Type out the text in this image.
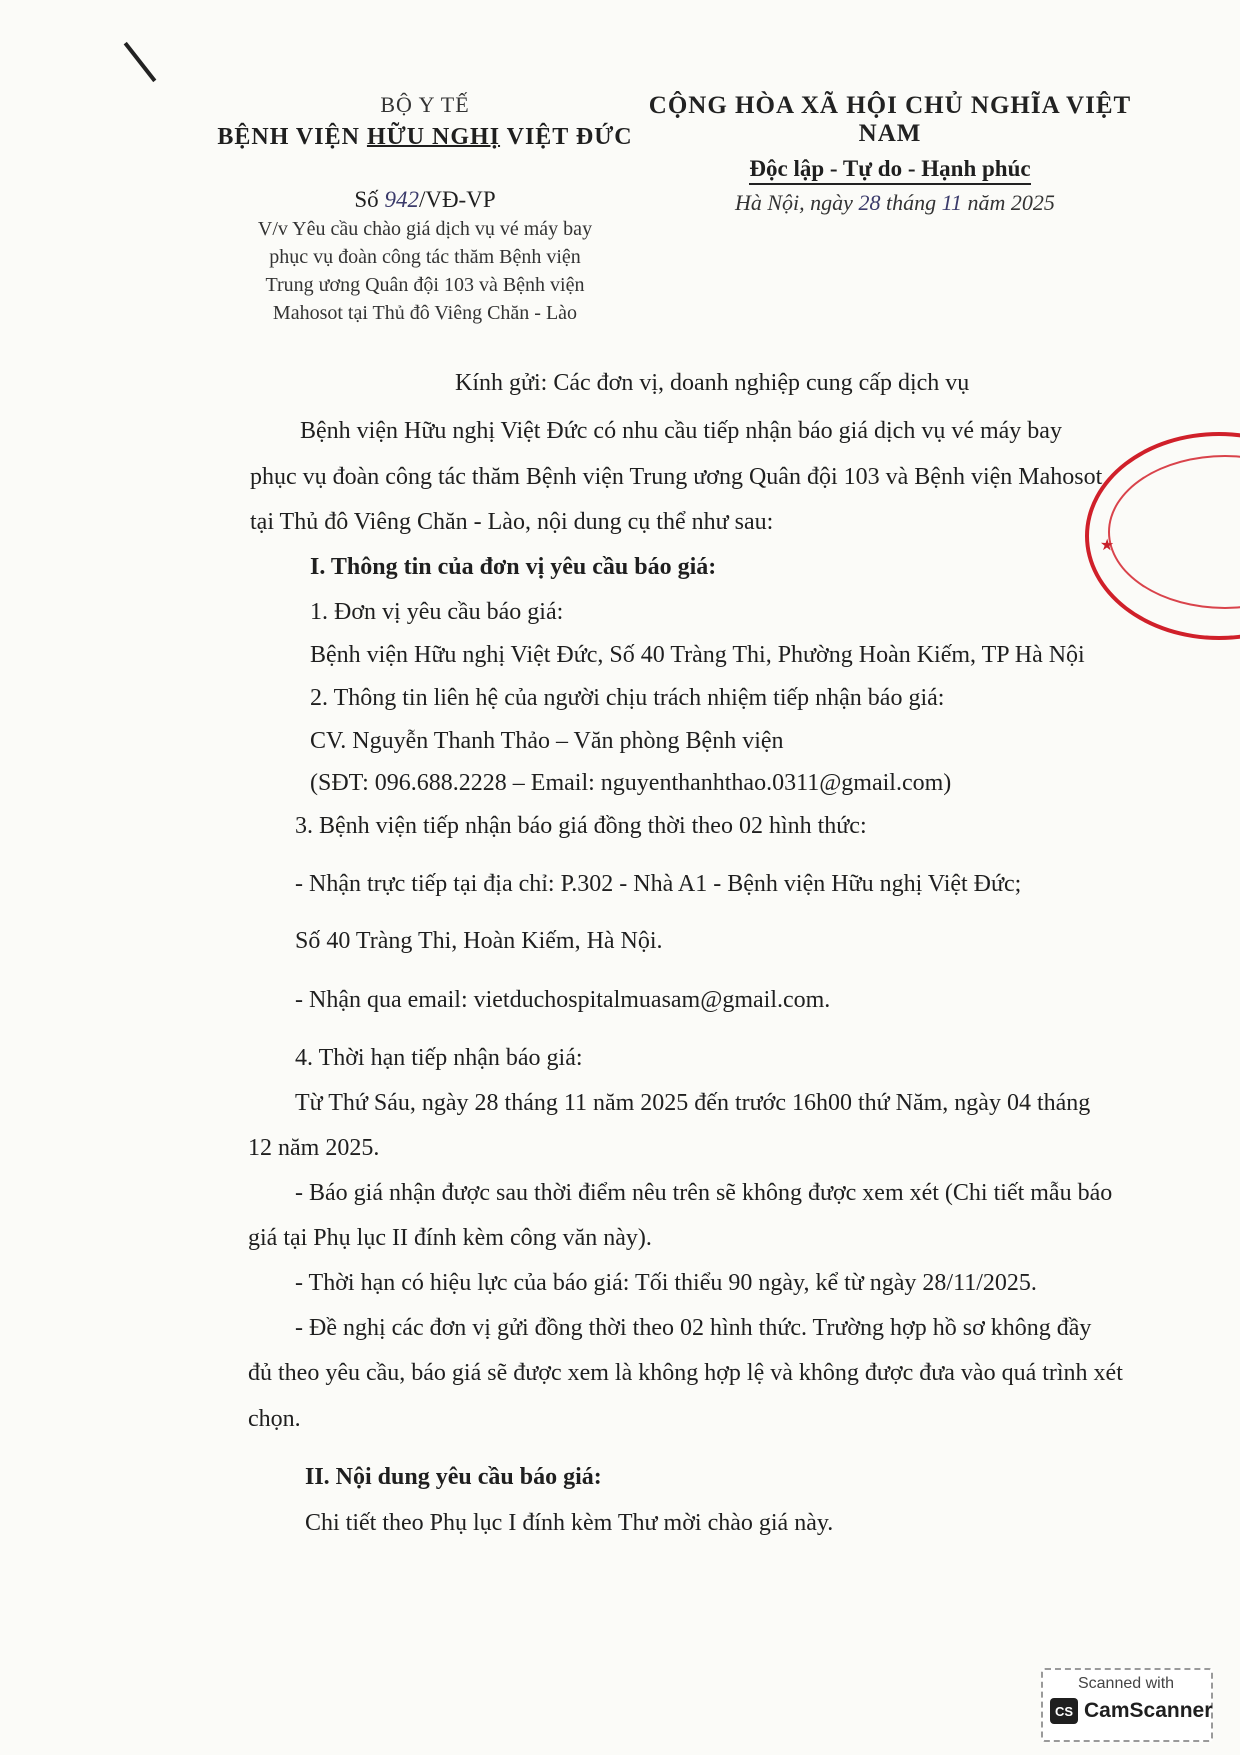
BỘ Y TẾ
BỆNH VIỆN HỮU NGHỊ VIỆT ĐỨC
CỘNG HÒA XÃ HỘI CHỦ NGHĨA VIỆT NAM
Độc lập - Tự do - Hạnh phúc
Số 942/VĐ-VP
V/v Yêu cầu chào giá dịch vụ vé máy bay
phục vụ đoàn công tác thăm Bệnh viện
Trung ương Quân đội 103 và Bệnh viện
Mahosot tại Thủ đô Viêng Chăn - Lào
Hà Nội, ngày 28 tháng 11 năm 2025
Kính gửi: Các đơn vị, doanh nghiệp cung cấp dịch vụ
Bệnh viện Hữu nghị Việt Đức có nhu cầu tiếp nhận báo giá dịch vụ vé máy bay
phục vụ đoàn công tác thăm Bệnh viện Trung ương Quân đội 103 và Bệnh viện Mahosot
tại Thủ đô Viêng Chăn - Lào, nội dung cụ thể như sau:
I. Thông tin của đơn vị yêu cầu báo giá:
1. Đơn vị yêu cầu báo giá:
Bệnh viện Hữu nghị Việt Đức, Số 40 Tràng Thi, Phường Hoàn Kiếm, TP Hà Nội
2. Thông tin liên hệ của người chịu trách nhiệm tiếp nhận báo giá:
CV. Nguyễn Thanh Thảo – Văn phòng Bệnh viện
(SĐT: 096.688.2228 – Email: nguyenthanhthao.0311@gmail.com)
3. Bệnh viện tiếp nhận báo giá đồng thời theo 02 hình thức:
- Nhận trực tiếp tại địa chỉ: P.302 - Nhà A1 - Bệnh viện Hữu nghị Việt Đức;
Số 40 Tràng Thi, Hoàn Kiếm, Hà Nội.
- Nhận qua email: vietduchospitalmuasam@gmail.com.
4. Thời hạn tiếp nhận báo giá:
Từ Thứ Sáu, ngày 28 tháng 11 năm 2025 đến trước 16h00 thứ Năm, ngày 04 tháng
12 năm 2025.
- Báo giá nhận được sau thời điểm nêu trên sẽ không được xem xét (Chi tiết mẫu báo
giá tại Phụ lục II đính kèm công văn này).
- Thời hạn có hiệu lực của báo giá: Tối thiểu 90 ngày, kể từ ngày 28/11/2025.
- Đề nghị các đơn vị gửi đồng thời theo 02 hình thức. Trường hợp hồ sơ không đầy
đủ theo yêu cầu, báo giá sẽ được xem là không hợp lệ và không được đưa vào quá trình xét
chọn.
II. Nội dung yêu cầu báo giá:
Chi tiết theo Phụ lục I đính kèm Thư mời chào giá này.
★
Scanned with
CS CamScanner
